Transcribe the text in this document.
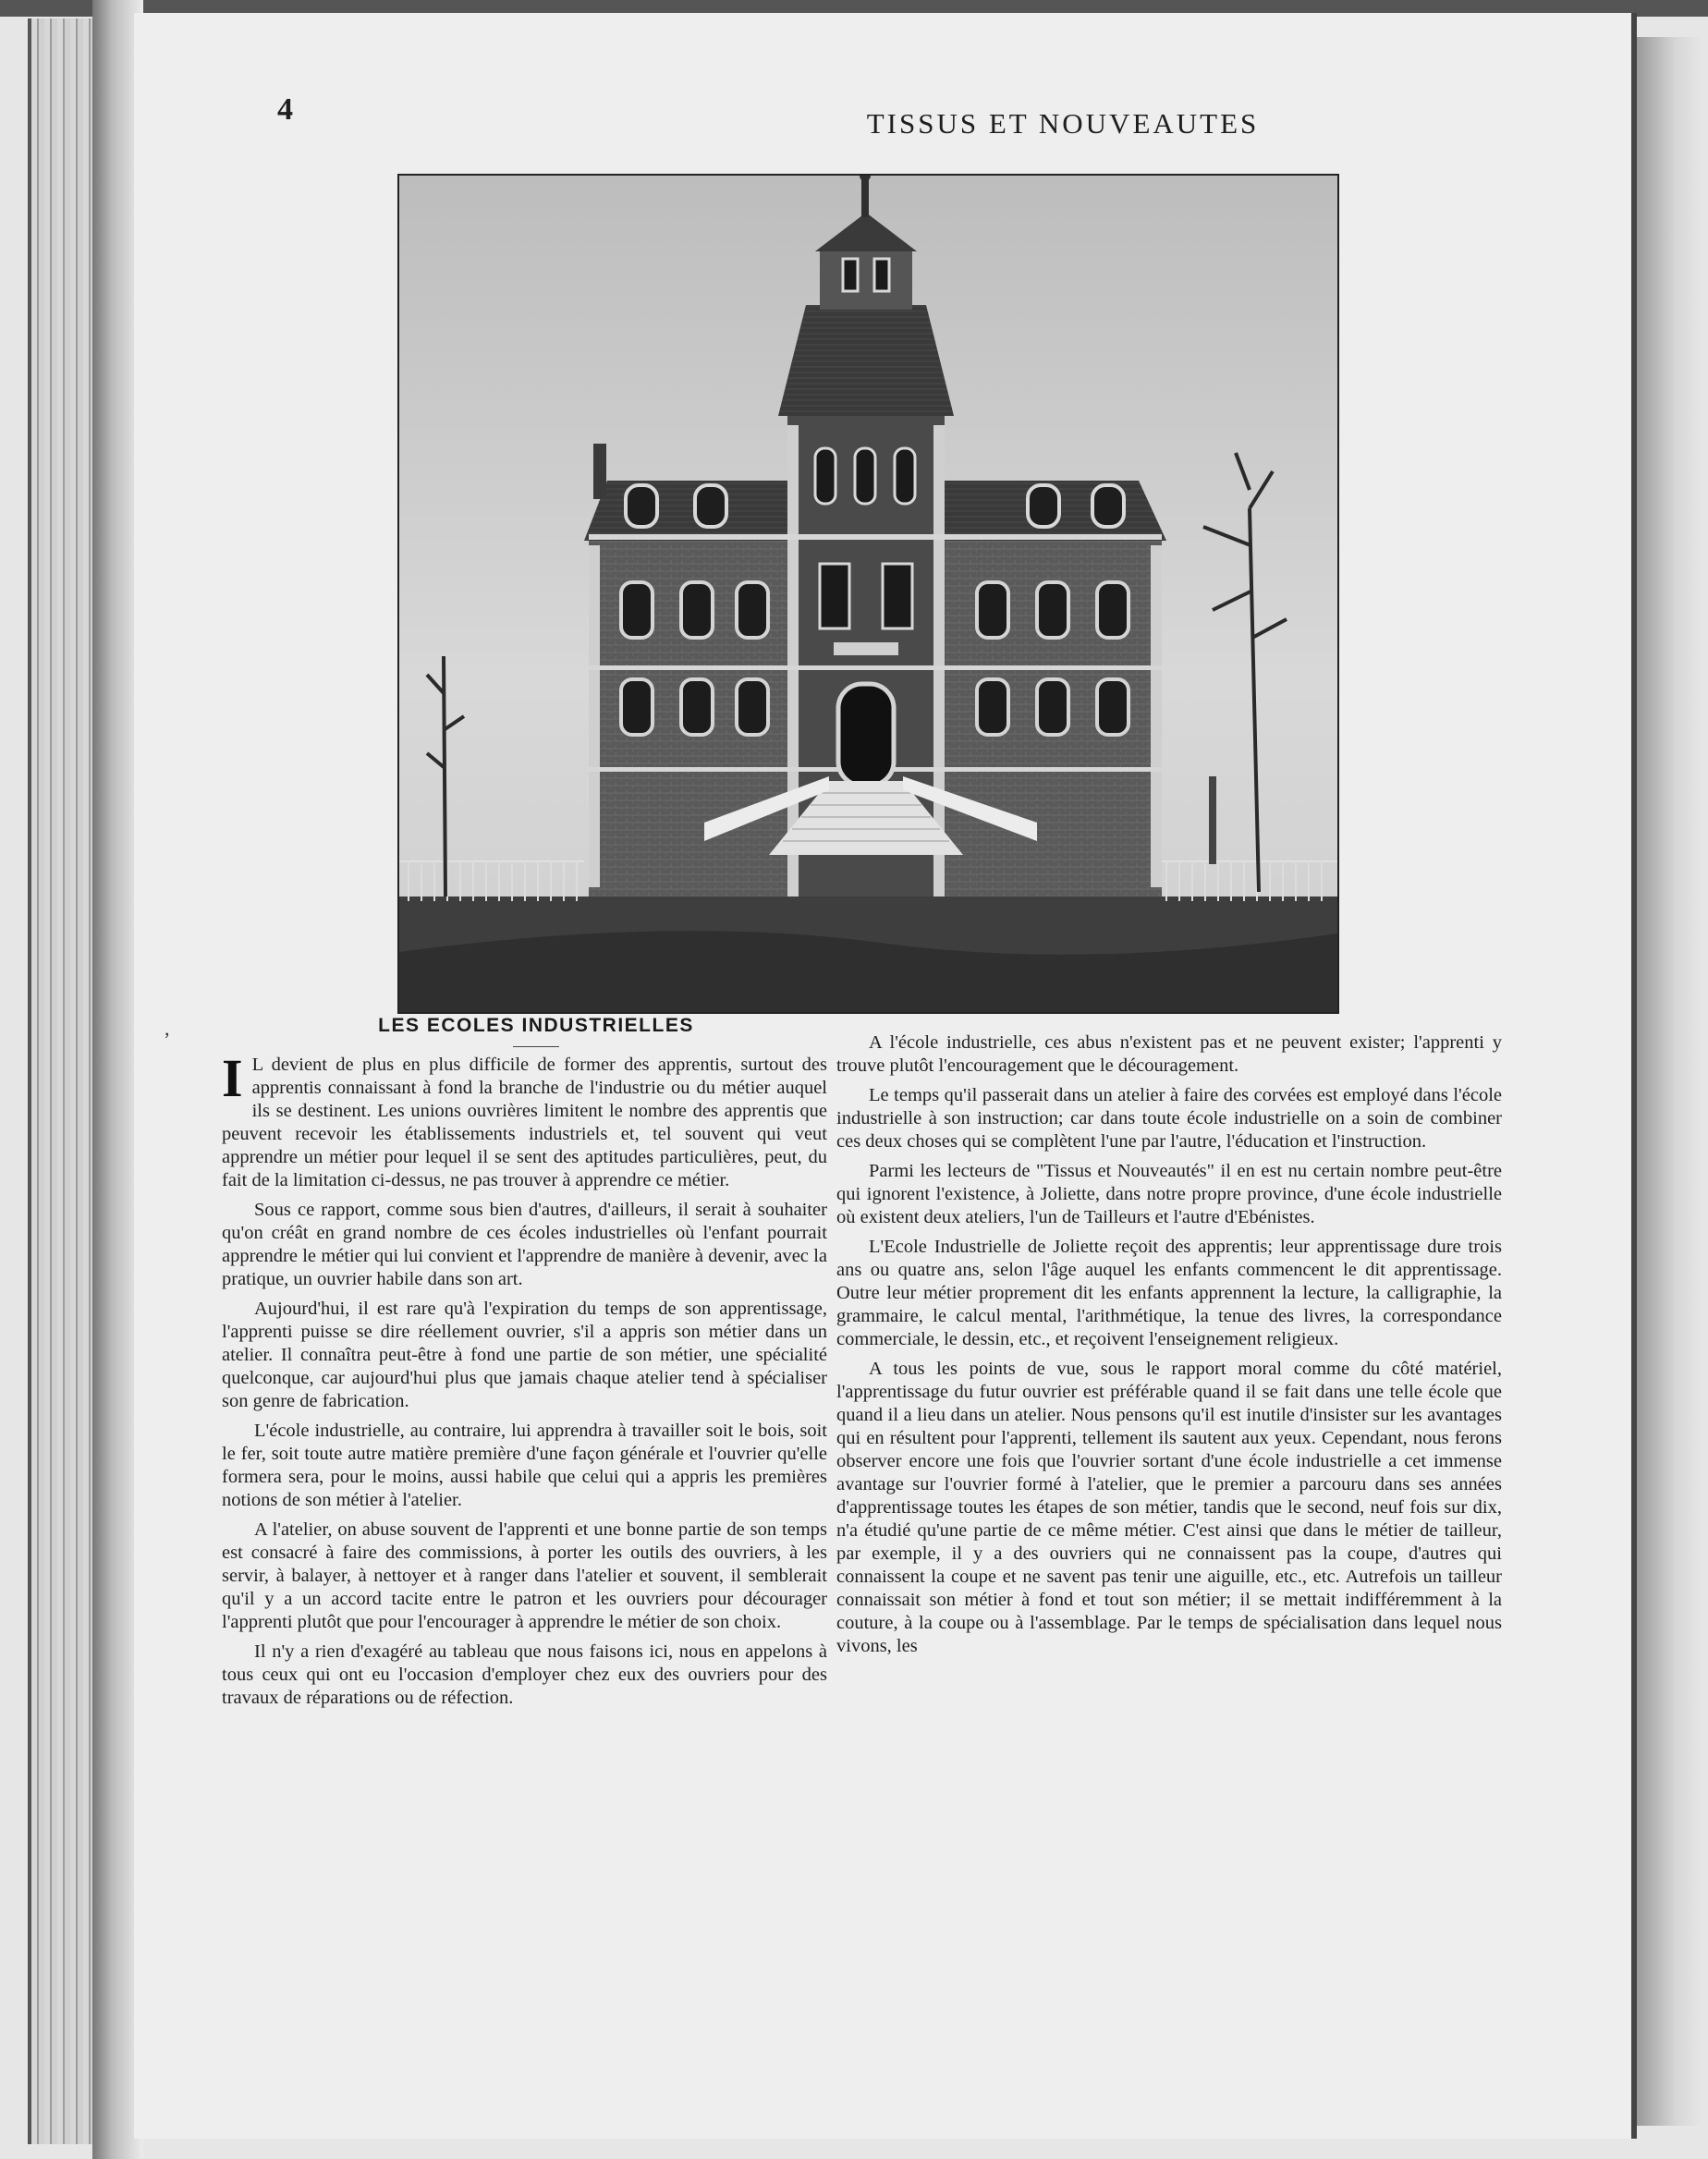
4	TISSUS ET NOUVEAUTES
LES ECOLES INDUSTRIELLES

I L devient de plus en plus difficile de former des apprentis, surtout des apprentis connaissant à fond la branche de l'industrie ou du métier auquel ils se destinent. Les unions ouvrières limitent le nombre des apprentis que peuvent recevoir les établissements industriels et, tel souvent qui veut apprendre un métier pour lequel il se sent des aptitudes particulières, peut, du fait de la limitation ci-dessus, ne pas trouver à apprendre ce métier.

Sous ce rapport, comme sous bien d'autres, d'ailleurs, il serait à souhaiter qu'on créât en grand nombre de ces écoles industrielles où l'enfant pourrait apprendre le métier qui lui convient et l'apprendre de manière à devenir, avec la pratique, un ouvrier habile dans son art.

Aujourd'hui, il est rare qu'à l'expiration du temps de son apprentissage, l'apprenti puisse se dire réellement ouvrier, s'il a appris son métier dans un atelier. Il connaîtra peut-être à fond une partie de son métier, une spécialité quelconque, car aujourd'hui plus que jamais chaque atelier tend à spécialiser son genre de fabrication.

L'école industrielle, au contraire, lui apprendra à travailler soit le bois, soit le fer, soit toute autre matière première d'une façon générale et l'ouvrier qu'elle formera sera, pour le moins, aussi habile que celui qui a appris les premières notions de son métier à l'atelier.

A l'atelier, on abuse souvent de l'apprenti et une bonne partie de son temps est consacré à faire des commissions, à porter les outils des ouvriers, à les servir, à balayer, à nettoyer et à ranger dans l'atelier et souvent, il semblerait qu'il y a un accord tacite entre le patron et les ouvriers pour décourager l'apprenti plutôt que pour l'encourager à apprendre le métier de son choix.

Il n'y a rien d'exagéré au tableau que nous faisons ici, nous en appelons à tous ceux qui ont eu l'occasion d'employer chez eux des ouvriers pour des travaux de réparations ou de réfection.

A l'école industrielle, ces abus n'existent pas et ne peuvent exister; l'apprenti y trouve plutôt l'encouragement que le découragement.

Le temps qu'il passerait dans un atelier à faire des corvées est employé dans l'école industrielle à son instruction; car dans toute école industrielle on a soin de combiner ces deux choses qui se complètent l'une par l'autre, l'éducation et l'instruction.

Parmi les lecteurs de "Tissus et Nouveautés" il en est nu certain nombre peut-être qui ignorent l'existence, à Joliette, dans notre propre province, d'une école industrielle où existent deux ateliers, l'un de Tailleurs et l'autre d'Ebénistes.

L'Ecole Industrielle de Joliette reçoit des apprentis; leur apprentissage dure trois ans ou quatre ans, selon l'âge auquel les enfants commencent le dit apprentissage. Outre leur métier proprement dit les enfants apprennent la lecture, la calligraphie, la grammaire, le calcul mental, l'arithmétique, la tenue des livres, la correspondance commerciale, le dessin, etc., et reçoivent l'enseignement religieux.

A tous les points de vue, sous le rapport moral comme du côté matériel, l'apprentissage du futur ouvrier est préférable quand il se fait dans une telle école que quand il a lieu dans un atelier. Nous pensons qu'il est inutile d'insister sur les avantages qui en résultent pour l'apprenti, tellement ils sautent aux yeux. Cependant, nous ferons observer encore une fois que l'ouvrier sortant d'une école industrielle a cet immense avantage sur l'ouvrier formé à l'atelier, que le premier a parcouru dans ses années d'apprentissage toutes les étapes de son métier, tandis que le second, neuf fois sur dix, n'a étudié qu'une partie de ce même métier. C'est ainsi que dans le métier de tailleur, par exemple, il y a des ouvriers qui ne connaissent pas la coupe, d'autres qui connaissent la coupe et ne savent pas tenir une aiguille, etc., etc. Autrefois un tailleur connaissait son métier à fond et tout son métier; il se mettait indifféremment à la couture, à la coupe ou à l'assemblage. Par le temps de spécialisation dans lequel nous vivons, les

,
